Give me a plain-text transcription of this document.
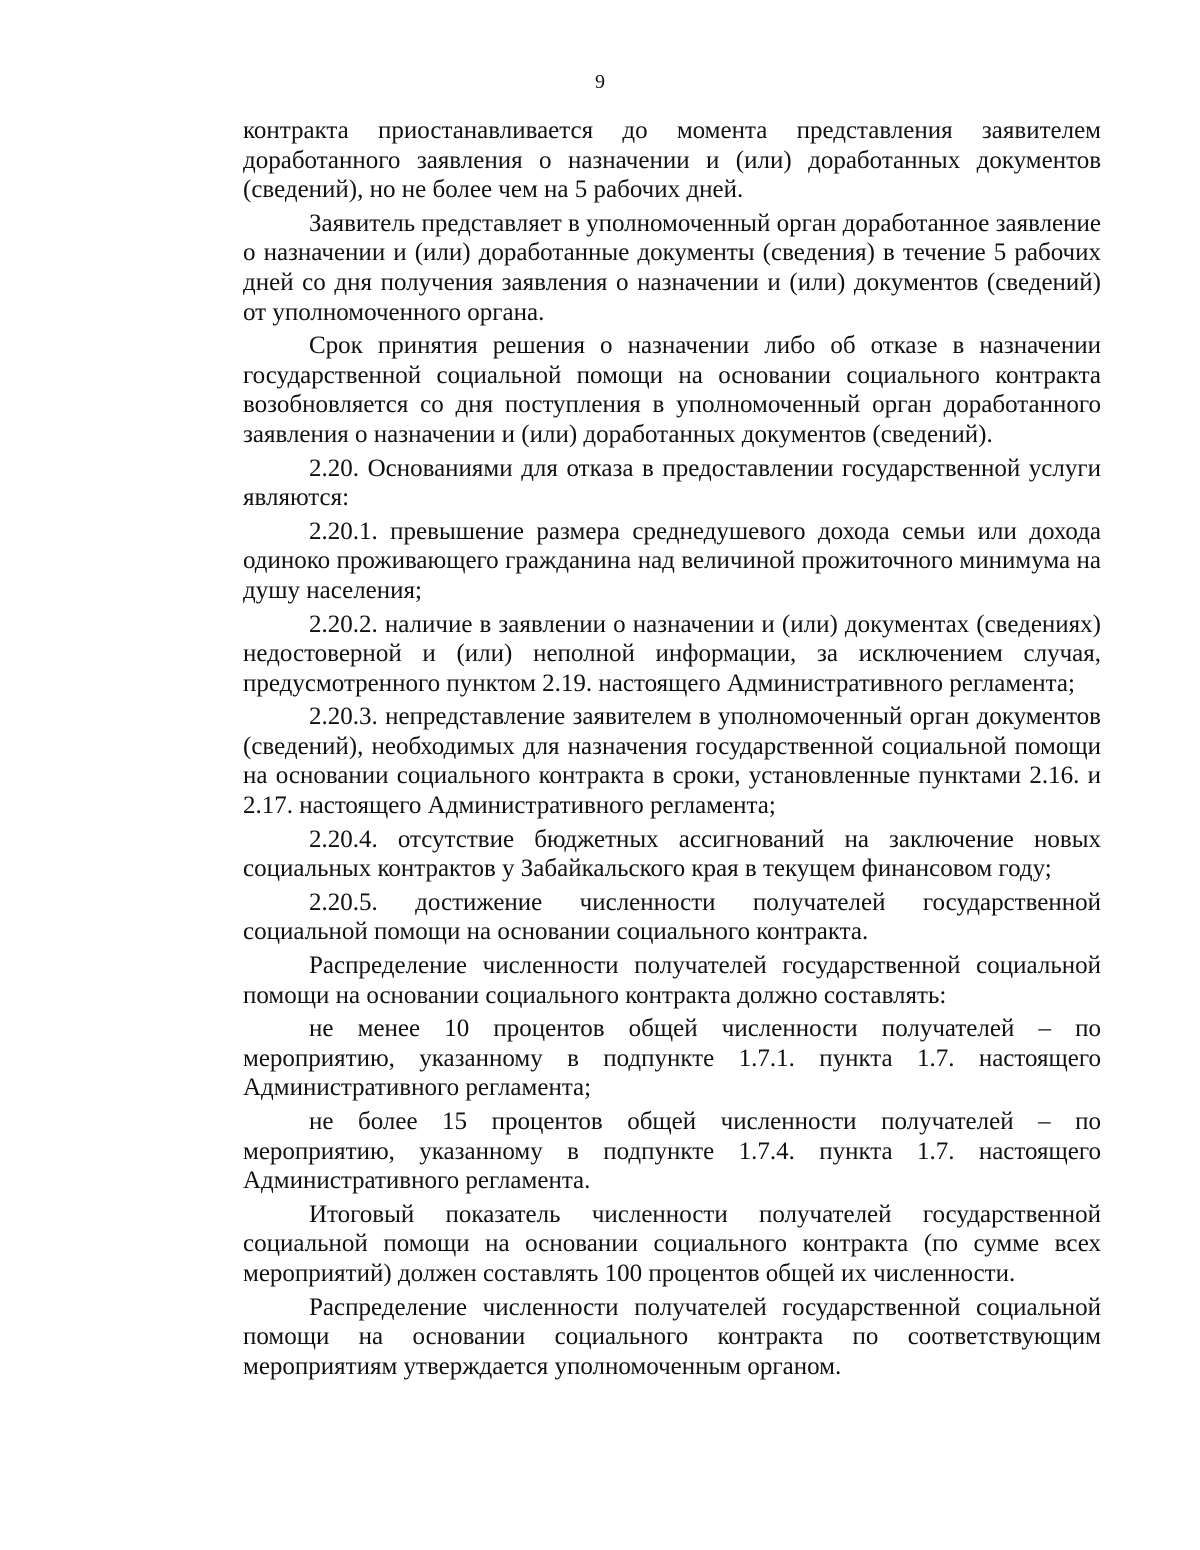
9

контракта приостанавливается до момента представления заявителем доработанного заявления о назначении и (или) доработанных документов (сведений), но не более чем на 5 рабочих дней.

Заявитель представляет в уполномоченный орган доработанное заявление о назначении и (или) доработанные документы (сведения) в течение 5 рабочих дней со дня получения заявления о назначении и (или) документов (сведений) от уполномоченного органа.

Срок принятия решения о назначении либо об отказе в назначении государственной социальной помощи на основании социального контракта возобновляется со дня поступления в уполномоченный орган доработанного заявления о назначении и (или) доработанных документов (сведений).

2.20. Основаниями для отказа в предоставлении государственной услуги являются:

2.20.1. превышение размера среднедушевого дохода семьи или дохода одиноко проживающего гражданина над величиной прожиточного минимума на душу населения;

2.20.2. наличие в заявлении о назначении и (или) документах (сведениях) недостоверной и (или) неполной информации, за исключением случая, предусмотренного пунктом 2.19. настоящего Административного регламента;

2.20.3. непредставление заявителем в уполномоченный орган документов (сведений), необходимых для назначения государственной социальной помощи на основании социального контракта в сроки, установленные пунктами 2.16. и 2.17. настоящего Административного регламента;

2.20.4. отсутствие бюджетных ассигнований на заключение новых социальных контрактов у Забайкальского края в текущем финансовом году;

2.20.5. достижение численности получателей государственной социальной помощи на основании социального контракта.

Распределение численности получателей государственной социальной помощи на основании социального контракта должно составлять:

не менее 10 процентов общей численности получателей – по мероприятию, указанному в подпункте 1.7.1. пункта 1.7. настоящего Административного регламента;

не более 15 процентов общей численности получателей – по мероприятию, указанному в подпункте 1.7.4. пункта 1.7. настоящего Административного регламента.

Итоговый показатель численности получателей государственной социальной помощи на основании социального контракта (по сумме всех мероприятий) должен составлять 100 процентов общей их численности.

Распределение численности получателей государственной социальной помощи на основании социального контракта по соответствующим мероприятиям утверждается уполномоченным органом.
